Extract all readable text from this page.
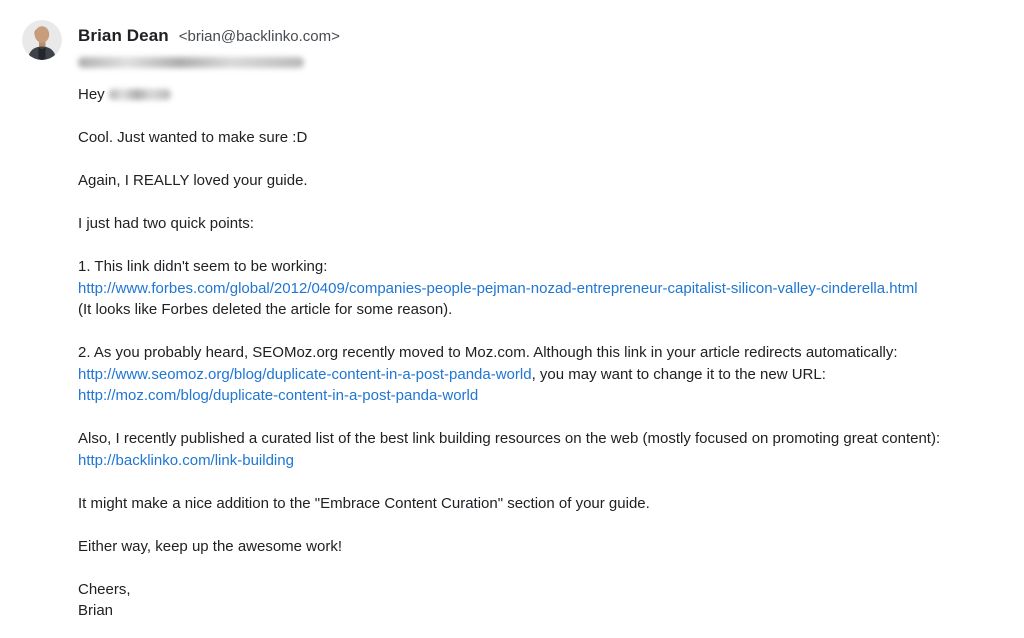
Brian Dean <brian@backlinko.com>
Hey
Cool. Just wanted to make sure :D
Again, I REALLY loved your guide.
I just had two quick points:
1. This link didn't seem to be working:
http://www.forbes.com/global/2012/0409/companies-people-pejman-nozad-entrepreneur-capitalist-silicon-valley-cinderella.html
(It looks like Forbes deleted the article for some reason).
2. As you probably heard, SEOMoz.org recently moved to Moz.com. Although this link in your article redirects automatically:
http://www.seomoz.org/blog/duplicate-content-in-a-post-panda-world, you may want to change it to the new URL:
http://moz.com/blog/duplicate-content-in-a-post-panda-world
Also, I recently published a curated list of the best link building resources on the web (mostly focused on promoting great content):
http://backlinko.com/link-building
It might make a nice addition to the "Embrace Content Curation" section of your guide.
Either way, keep up the awesome work!
Cheers,
Brian
